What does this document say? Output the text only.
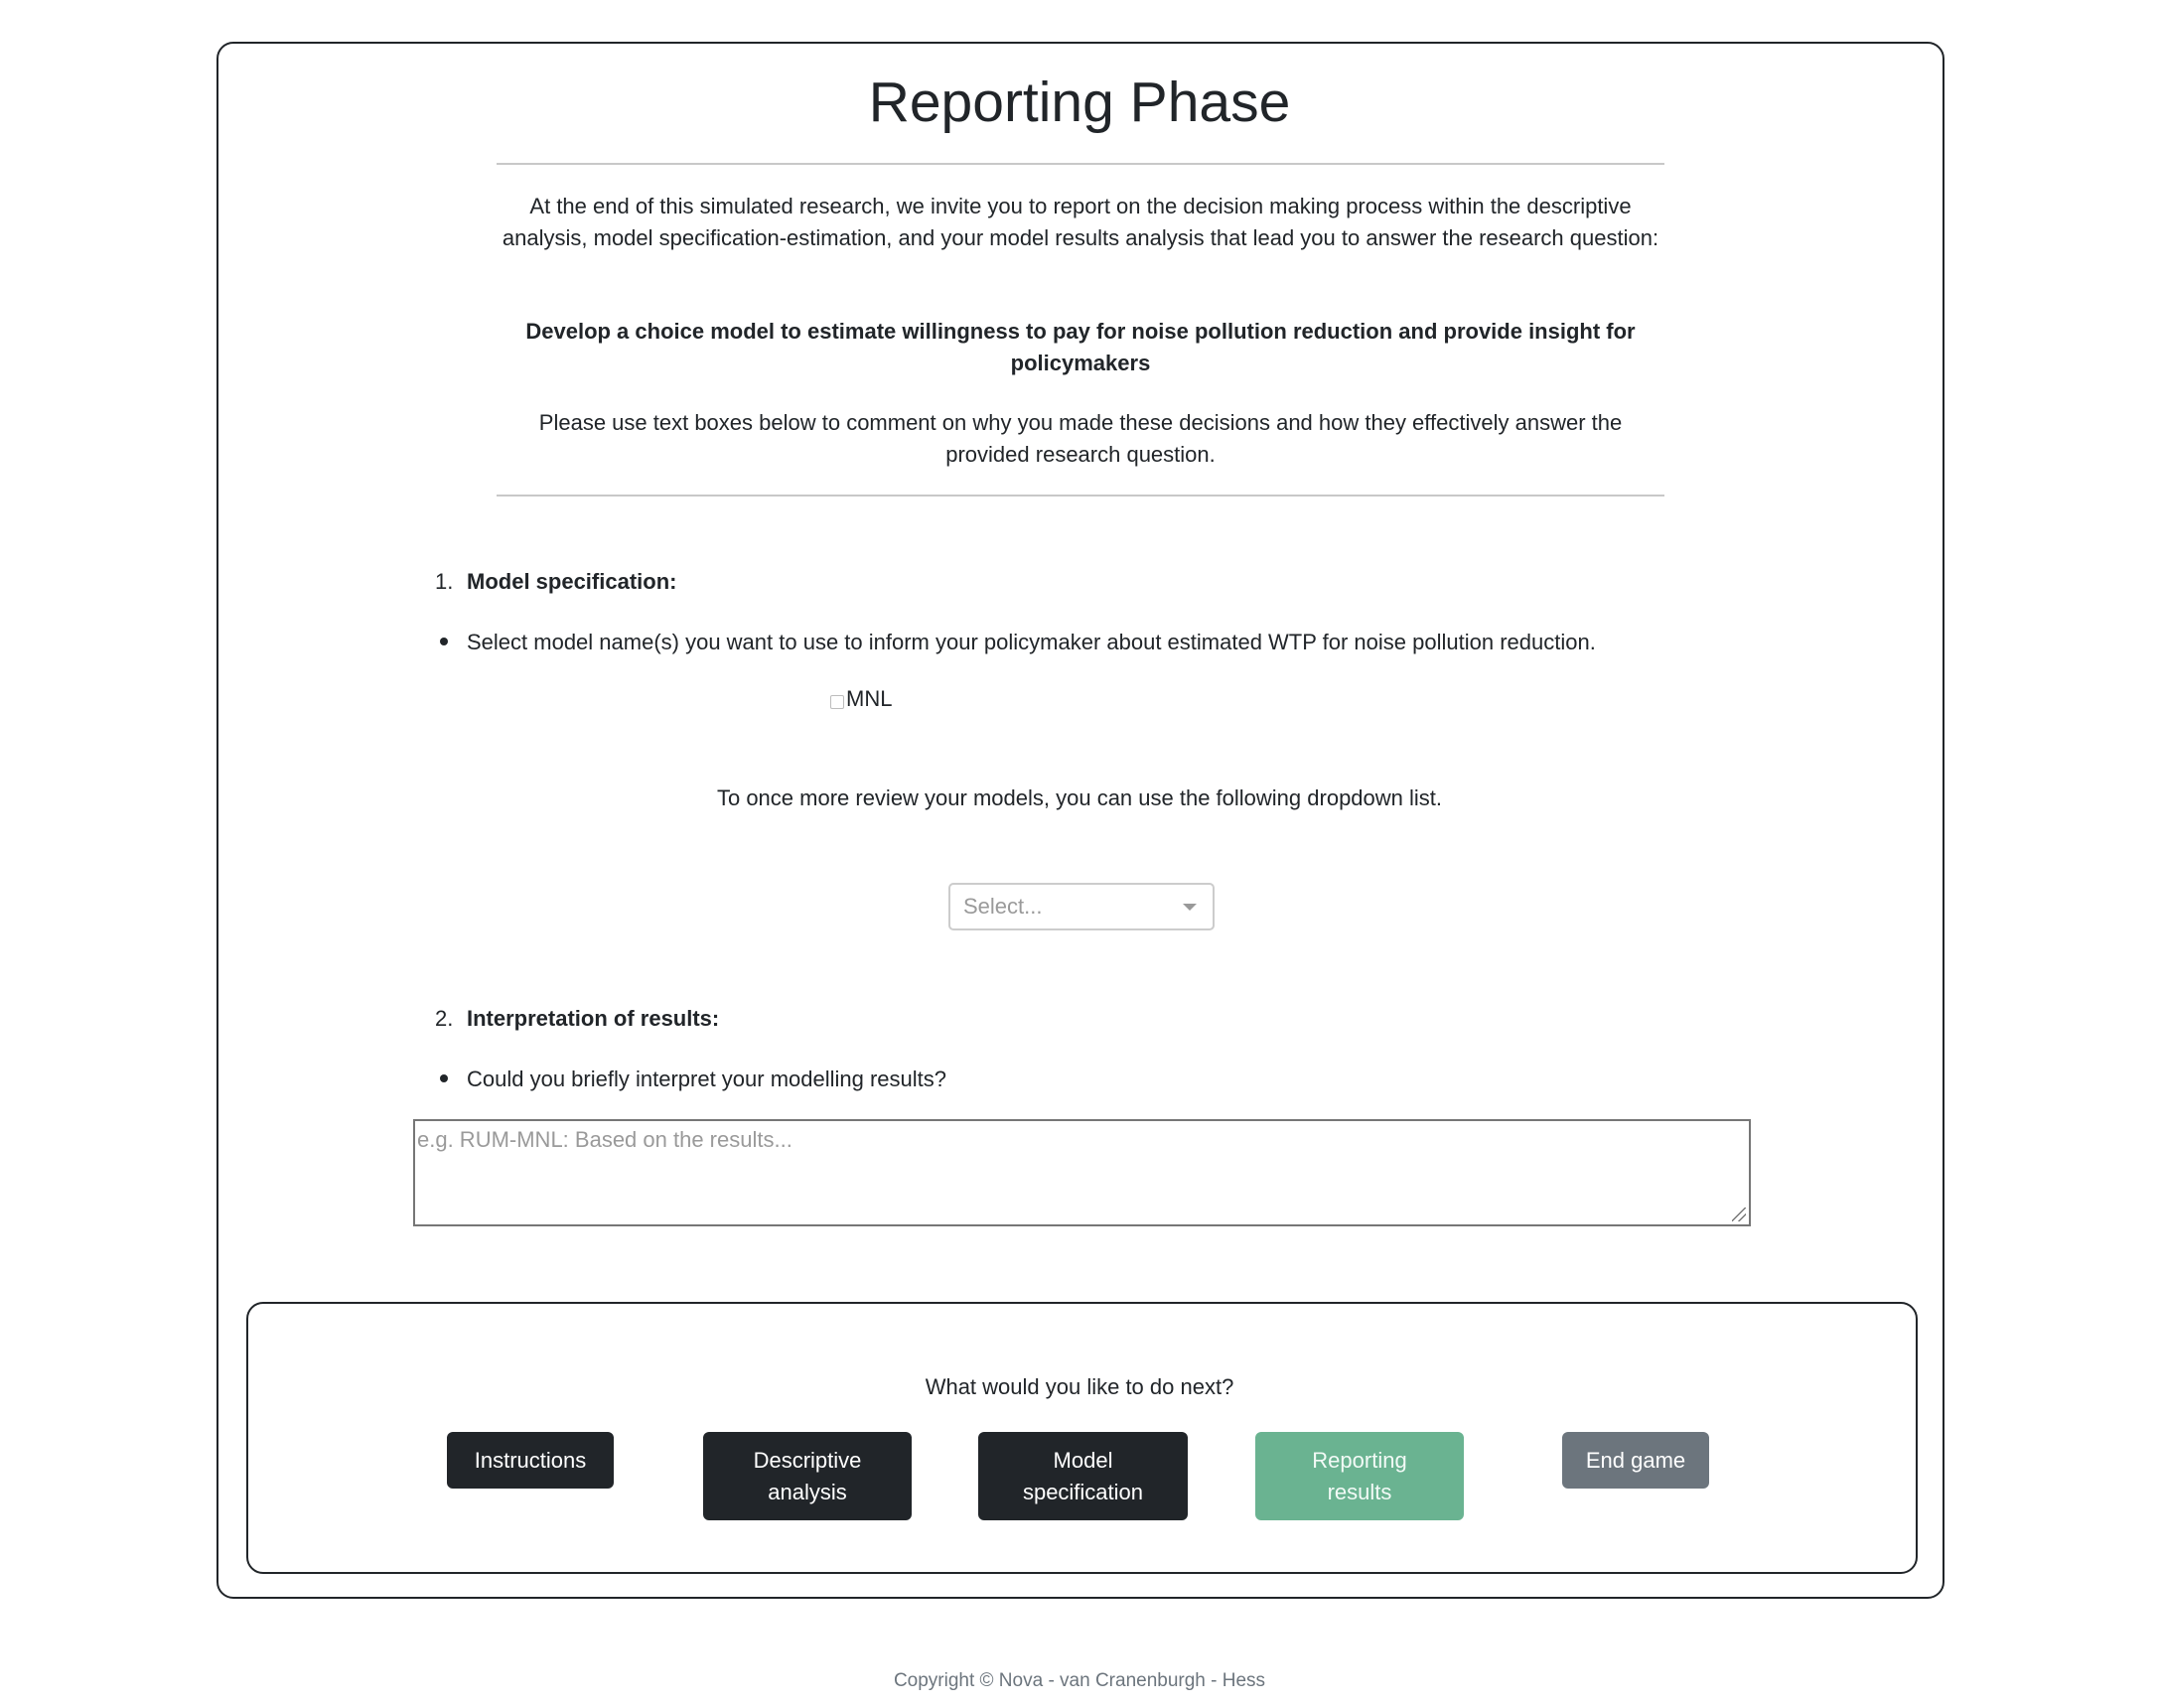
Reporting Phase

At the end of this simulated research, we invite you to report on the decision making process within the descriptive analysis, model specification-estimation, and your model results analysis that lead you to answer the research question:

Develop a choice model to estimate willingness to pay for noise pollution reduction and provide insight for policymakers

Please use text boxes below to comment on why you made these decisions and how they effectively answer the provided research question.

1. Model specification:
Select model name(s) you want to use to inform your policymaker about estimated WTP for noise pollution reduction.
MNL
To once more review your models, you can use the following dropdown list.
Select...
2. Interpretation of results:
Could you briefly interpret your modelling results?
e.g. RUM-MNL: Based on the results...
What would you like to do next?
Instructions	Descriptive
analysis
Model
specification
Reporting
results
End game
Copyright © Nova - van Cranenburgh - Hess
